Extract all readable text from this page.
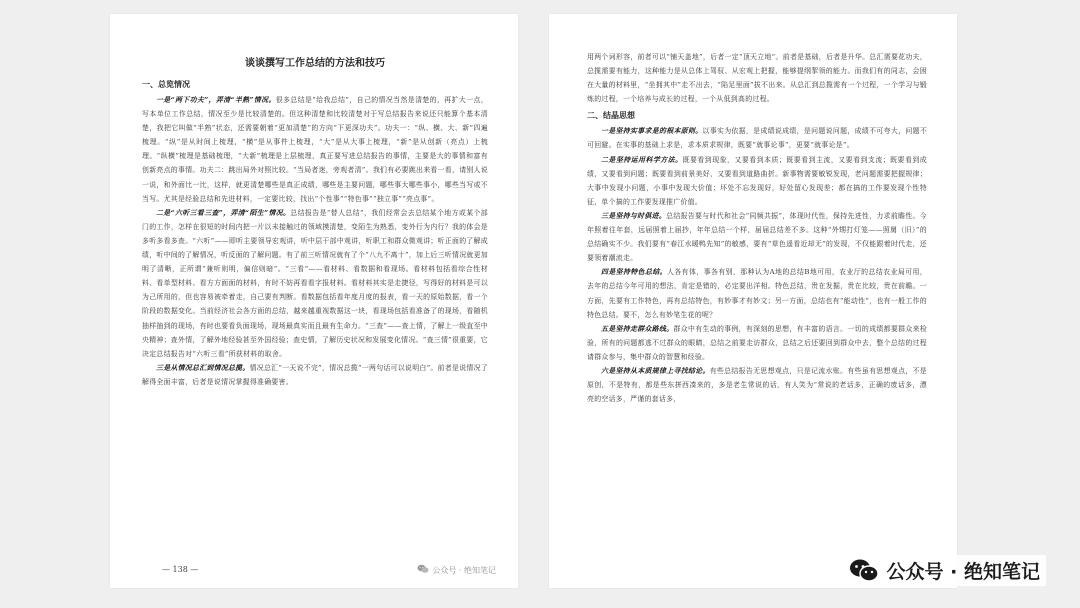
谈谈撰写工作总结的方法和技巧
一、总览情况

一是“两下功夫”，弄清“半熟”情况。很多总结是“给我总结”，自己的情况当然是清楚的，再扩大一点，写本单位工作总结，情况至少是比较清楚的。但这种清楚和比较清楚对于写总结报告来说还只能算个基本清楚，我把它叫做“半熟”状态，还需要朝着“更加清楚”的方向“下更深功夫”。功夫一：“纵、横、大、新”四遍梳理。“纵”是从时间上梳理，“横”是从事件上梳理，“大”是从大事上梳理，“新”是从创新（亮点）上梳理。“纵横”梳理是基础梳理，“大新”梳理是上层梳理，真正要写进总结报告的事情，主要是大的事情和富有创新亮点的事情。功夫二：跳出局外对照比较。“当局者迷，旁观者清”。我们有必要跳出来看一看，请别人说一说，和外面比一比，这样，就更清楚哪些是真正成绩，哪些是主要问题，哪些事大哪些事小，哪些当写或不当写。尤其是经验总结和先进材料，一定要比较，找出“个性事”“特色事”“独立事”“亮点事”。

二是“六听三看三查”，弄清“陌生”情况。总结报告是“替人总结”，我们经常会去总结某个地方或某个部门的工作，怎样在很短的时间内把一片以未接触过的领域摸清楚，变陌生为熟悉，变外行为内行？我的体会是多听多看多查。“六听”——即听主要领导宏观讲，听中层干部中观讲，听职工和群众微观讲；听正面的了解成绩，听中间的了解情况，听反面的了解问题。有了前三听情况就有了个“八九不离十”，加上后三听情况就更加明了清晰，正所谓“兼听则明，偏信则暗”。“三看”——看材料、看数据和看现场。看材料包括看综合性材料、看单型材料、看方方面面的材料，有时不妨再看看字报材料。看材料其实是走捷径，写得好的材料是可以为己所用的，但也容易被牵着走，自己要有判断。看数据包括看年度月度的报表，看一天的原始数据，看一个阶段的数据变化。当前经济社会各方面的总结，越来越重视数据这一块，看现场包括看准备了的现场，看随机抽样抽到的现场，有时也要看负面现场，现场最真实而且最有生命力。“三查”——查上情，了解上一级直至中央精神；查外情，了解外地经验甚至外国经验；查史情，了解历史状况和发展变化情况。“查三情”很重要，它决定总结报告对“六听三看”所获材料的取舍。

三是从情况总汇到情况总揽。情况总汇“一天说不完”，情况总揽“一两句话可以说明白”。前者是说情况了解得全面丰富，后者是说情况掌握得准确要害。

— 138 —	公众号 · 绝知笔记

用两个词形容，前者可以“铺天盖地”，后者一定“顶天立地”。前者是基础，后者是升华。总汇需要花功夫，总揽需要有能力，这种能力是从总体上驾驭、从宏观上把握，能够提纲挈领的能力。而我们有的同志，会困在大量的材料里，“坐拥其中”走不出去，“陷足里面”拔不出来。从总汇到总揽需有一个过程，一个学习与锻炼的过程，一个培养与成长的过程，一个从低到高的过程。

二、结晶思想

一是坚持实事求是的根本原则。以事实为依据，是成绩说成绩，是问题说问题，成绩不可夸大，问题不可回避。在实事的基础上求是，求本质求规律，既要“就事论事”，更要“就事论是”。

二是坚持运用科学方法。既要看到现象，又要看到本质；既要看到主流，又要看到支流；既要看到成绩，又要看到问题；既要看到前景美好，又要看到道路曲折。新事物需要敏锐发现，老问题需要把握规律；大事中发现小问题，小事中发现大价值；坏处不忘发现好，好处留心发现差；都在搞的工作要发现个性特征，单个搞的工作要发现推广价值。

三是坚持与时俱进。总结报告要与时代和社会“同频共振”，体现时代性，保持先进性，力求前瞻性。今年照着往年套，远届照着上届抄，年年总结一个样，届届总结差不多。这种“外甥打灯笼——照舅（旧）”的总结确实不少。我们要有“春江水暖鸭先知”的敏感，要有“草色遥看近却无”的发现，不仅能跟着时代走，还要领着潮流走。

四是坚持特色总结。人各有体，事各有别，那种认为A地的总结B地可用，农业厅的总结农业局可用，去年的总结今年可用的想法，肯定是错的，必定要出洋相。特色总结，贵在发掘，贵在比较，贵在前瞻。一方面，先要有工作特色，再有总结特色，有妙事才有妙文；另一方面，总结也有“能动性”，也有一般工作的特色总结。要不，怎么有妙笔生花的呢？

五是坚持走群众路线。群众中有生动的事例，有深刻的思想，有丰富的语言。一切的成绩都要群众来检验，所有的问题都逃不过群众的眼睛，总结之前要走访群众，总结之后还要回到群众中去，整个总结的过程请群众参与，集中群众的智慧和经验。

六是坚持从本质规律上寻找结论。有些总结报告无思想观点，只是记流水账。有些虽有思想观点，不是原创，不是特有，都是些东拼西凑来的，多是老生常说的话，有人笑为“常说的老话多，正确的废话多，漂亮的空话多，严谨的套话多，

公众号 · 绝知笔记
